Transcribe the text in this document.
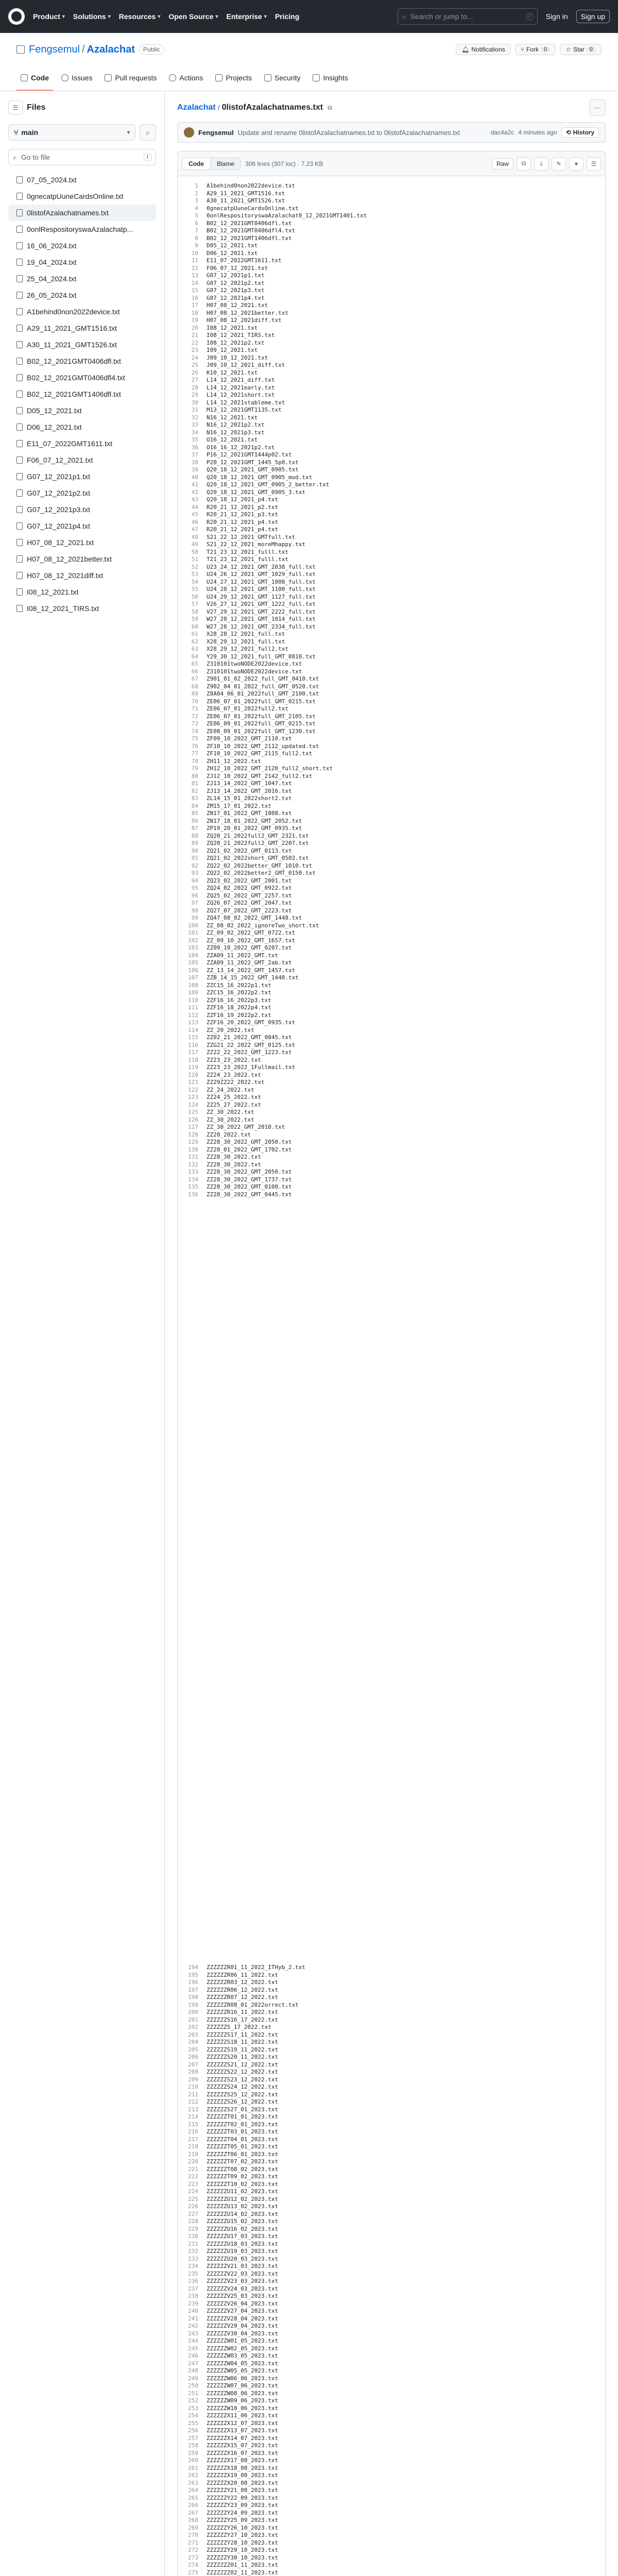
Product ▾ Solutions ▾ Resources ▾ Open Source ▾ Enterprise ▾ Pricing	⌕ Search or jump to...	/	Sign in	Sign up
Fengsemul / Azalachat	Public	🔔︎ Notifications	⑂ Fork 0	☆ Star 0
Code	Issues	Pull requests	Actions	Projects	Security	Insights
☰	Files
⑂ main	▾	⌕
⌕ Go to file	t
07_05_2024.txt
0gnecatpUuneCardsOnline.txt
0listofAzalachatnames.txt
0onlRespositoryswaAzalachatp...
16_06_2024.txt
19_04_2024.txt
25_04_2024.txt
26_05_2024.txt
A1behind0non2022device.txt
A29_11_2021_GMT1516.txt
A30_11_2021_GMT1526.txt
B02_12_2021GMT0406dfl.txt
B02_12_2021GMT0406dfl4.txt
B02_12_2021GMT1406dfl.txt
D05_12_2021.txt
D06_12_2021.txt
E11_07_2022GMT1611.txt
F06_07_12_2021.txt
G07_12_2021p1.txt
G07_12_2021p2.txt
G07_12_2021p3.txt
G07_12_2021p4.txt
H07_08_12_2021.txt
H07_08_12_2021better.txt
H07_08_12_2021diff.txt
I08_12_2021.txt
I08_12_2021_TIRS.txt
Azalachat / 0listofAzalachatnames.txt ⧉	⋯
Fengsemul Update and rename 0listofAzalachatnames.txt to 0listofAzalachatnames.txt	dac4a2c 4 minutes ago ⟲ History
Code	Blame	306 lines (307 loc) · 7.23 KB	Raw	⧉	⤓	✎	▾	☰
1	A1behind0non2022device.txt
2	A29_11_2021_GMT1516.txt
3	A30_11_2021_GMT1526.txt
4	0gnecatpUuneCardsOnline.txt
5	0onlRespositoryswaAzalachat0_12_2021GMT1401.txt
6	B02_12_2021GMT0406dfl.txt
7	B02_12_2021GMT0406dfl4.txt
8	B02_12_2021GMT1406dfl.txt
9	D05_12_2021.txt
10	D06_12_2021.txt
11	E11_07_2022GMT1611.txt
12	F06_07_12_2021.txt
13	G07_12_2021p1.txt
14	G07_12_2021p2.txt
15	G07_12_2021p3.txt
16	G07_12_2021p4.txt
17	H07_08_12_2021.txt
18	H07_08_12_2021better.txt
19	H07_08_12_2021diff.txt
20	I08_12_2021.txt
21	I08_12_2021_TIRS.txt
22	I08_12_2021p2.txt
23	I09_12_2021.txt
24	J09_10_12_2021.txt
25	J09_10_12_2021_diff.txt
26	K10_12_2021.txt
27	L14_12_2021_diff.txt
28	L14_12_2021early.txt
29	L14_12_2021short.txt
30	L14_12_2021stableme.txt
31	M13_12_2021GMT1135.txt
32	N16_12_2021.txt
33	N16_12_2021p2.txt
34	N16_12_2021p3.txt
35	O16_12_2021.txt
36	O16_16_12_2021p2.txt
37	P16_12_2021GMT1444p02.txt
38	P20_12_2021GMT_1445_5p0.txt
39	Q20_18_12_2021_GMT_0905.txt
40	Q20_18_12_2021_GMT_0905_mod.txt
41	Q20_18_12_2021_GMT_0905_2_better.txt
42	Q20_18_12_2021_GMT_0905_3.txt
43	Q20_18_12_2021_p4.txt
44	R20_21_12_2021_p2.txt
45	R20_21_12_2021_p3.txt
46	R20_21_12_2021_p4.txt
47	R20_21_12_2021_p4.txt
48	S21_22_12_2021_GMTfull.txt
49	S21_22_12_2021_moreMhappy.txt
50	T21_23_12_2021_fulll.txt
51	T21_23_12_2021_fulll.txt
52	U23_24_12_2021_GMT_2038_full.txt
53	U24_26_12_2021_GMT_1029_full.txt
54	U24_27_12_2021_GMT_1008_full.txt
55	U24_28_12_2021_GMT_1100_full.txt
56	U24_29_12_2021_GMT_1127_full.txt
57	V26_27_12_2021_GMT_1222_full.txt
58	V27_29_12_2021_GMT_2222_full.txt
59	W27_28_12_2021_GMT_1014_full.txt
60	W27_28_12_2021_GMT_2334_full.txt
61	X28_28_12_2021_full.txt
62	X28_29_12_2021_full.txt
63	X28_29_12_2021_full2.txt
64	Y29_30_12_2021_full_GMT_0810.txt
65	Z310101twoNODE2022device.txt
66	Z310101twoNODE2022device.txt
67	Z901_01_02_2022_full_GMT_0410.txt
68	Z902_04_01_2022_full_GMT_0520.txt
69	Z8A04_06_01_2022full_GMT_2100.txt
70	ZE06_07_01_2022full_GMT_0215.txt
71	ZE06_07_01_2022full2.txt
72	ZE06_07_01_2022full_GMT_2105.txt
73	ZE06_09_01_2022full_GMT_0215.txt
74	ZE08_09_01_2022full_GMT_1230.txt
75	ZF09_10_2022_GMT_2110.txt
76	ZF10_10_2022_GMT_2112_updated.txt
77	ZF10_10_2022_GMT_2115_full2.txt
78	ZH11_12_2022.txt
79	ZH12_10_2022_GMT_2120_full2_short.txt
80	ZJ12_10_2022_GMT_2142_full2.txt
81	ZJ13_14_2022_GMT_1047.txt
82	ZJ13_14_2022_GMT_2016.txt
83	ZL14_15_01_2022short2.txt
84	ZM15_17_01_2022.txt
85	ZN17_01_2022_GMT_1808.txt
86	ZN17_18_01_2022_GMT_2052.txt
87	ZP19_20_01_2022_GMT_0935.txt
88	ZQ20_21_2022full2_GMT_2321.txt
89	ZQ20_21_2022full2_GMT_2207.txt
90	ZQ21_02_2022_GMT_0113.txt
91	ZQ21_02_2022short_GMT_0502.txt
92	ZQ22_02_2022better_GMT_1010.txt
93	ZQ22_02_2022better2_GMT_0150.txt
94	ZQ23_02_2022_GMT_2001.txt
95	ZQ24_02_2022_GMT_0922.txt
96	ZQ25_02_2022_GMT_2257.txt
97	ZQ26_07_2022_GMT_2047.txt
98	ZQ27_07_2022_GMT_2223.txt
99	ZQ47_08_02_2022_GMT_1448.txt
100	ZZ_08_02_2022_ignoreTwo_short.txt
101	ZZ_09_02_2022_GMT_0722.txt
102	ZZ_09_10_2022_GMT_1657.txt
103	ZZ09_10_2022_GMT_0207.txt
104	ZZA09_11_2022_GMT.txt
105	ZZA09_11_2022_GMT_2ab.txt
106	ZZ_13_14_2022_GMT_1457.txt
107	ZZB_14_15_2022_GMT_1440.txt
108	ZZC15_16_2022p1.txt
109	ZZC15_16_2022p2.txt
110	ZZF16_16_2022p3.txt
111	ZZF16_18_2022p4.txt
112	ZZF16_19_2022p2.txt
113	ZZF16_20_2022_GMT_0935.txt
114	ZZ_20_2022.txt
115	ZZ02_21_2022_GMT_0845.txt
116	ZZG21_22_2022_GMT_0125.txt
117	ZZ22_22_2022_GMT_1223.txt
118	ZZ23_23_2022.txt
119	ZZ23_23_2022_1Fullmail.txt
120	ZZ24_23_2022.txt
121	ZZ29ZZ22_2022.txt
122	ZZ_24_2022.txt
123	ZZ24_25_2022.txt
124	ZZ25_27_2022.txt
125	ZZ_30_2022.txt
126	ZZ_30_2022.txt
127	ZZ_30_2022_GMT_2010.txt
128	ZZ28_2022.txt
129	ZZ28_30_2022_GMT_2050.txt
130	ZZ28_01_2022_GMT_1702.txt
131	ZZ28_30_2022.txt
132	ZZ28_30_2022.txt
133	ZZ28_30_2022_GMT_2050.txt
134	ZZ28_30_2022_GMT_1737.txt
135	ZZ28_30_2022_GMT_0100.txt
136	ZZ28_30_2022_GMT_0445.txt
194	ZZZZZZR01_11_2022_ITHyb_2.txt
195	ZZZZZZR06_11_2022.txt
196	ZZZZZZR03_12_2022.txt
197	ZZZZZZR06_12_2022.txt
198	ZZZZZZR07_12_2022.txt
199	ZZZZZZR08_01_2022orrect.txt
200	ZZZZZZR16_11_2022.txt
201	ZZZZZZS16_17_2022.txt
202	ZZZZZZS_17_2022.txt
203	ZZZZZZS17_11_2022.txt
204	ZZZZZZS18_11_2022.txt
205	ZZZZZZS19_11_2022.txt
206	ZZZZZZS20_11_2022.txt
207	ZZZZZZS21_12_2022.txt
208	ZZZZZZS22_12_2022.txt
209	ZZZZZZS23_12_2022.txt
210	ZZZZZZS24_12_2022.txt
211	ZZZZZZS25_12_2022.txt
212	ZZZZZZS26_12_2022.txt
213	ZZZZZZS27_01_2023.txt
214	ZZZZZZT01_01_2023.txt
215	ZZZZZZT02_01_2023.txt
216	ZZZZZZT03_01_2023.txt
217	ZZZZZZT04_01_2023.txt
218	ZZZZZZT05_01_2023.txt
219	ZZZZZZT06_01_2023.txt
220	ZZZZZZT07_02_2023.txt
221	ZZZZZZT08_02_2023.txt
222	ZZZZZZT09_02_2023.txt
223	ZZZZZZT10_02_2023.txt
224	ZZZZZZU11_02_2023.txt
225	ZZZZZZU12_02_2023.txt
226	ZZZZZZU13_02_2023.txt
227	ZZZZZZU14_02_2023.txt
228	ZZZZZZU15_02_2023.txt
229	ZZZZZZU16_02_2023.txt
230	ZZZZZZU17_03_2023.txt
231	ZZZZZZU18_03_2023.txt
232	ZZZZZZU19_03_2023.txt
233	ZZZZZZU20_03_2023.txt
234	ZZZZZZV21_03_2023.txt
235	ZZZZZZV22_03_2023.txt
236	ZZZZZZV23_03_2023.txt
237	ZZZZZZV24_03_2023.txt
238	ZZZZZZV25_03_2023.txt
239	ZZZZZZV26_04_2023.txt
240	ZZZZZZV27_04_2023.txt
241	ZZZZZZV28_04_2023.txt
242	ZZZZZZV29_04_2023.txt
243	ZZZZZZV30_04_2023.txt
244	ZZZZZZW01_05_2023.txt
245	ZZZZZZW02_05_2023.txt
246	ZZZZZZW03_05_2023.txt
247	ZZZZZZW04_05_2023.txt
248	ZZZZZZW05_05_2023.txt
249	ZZZZZZW06_06_2023.txt
250	ZZZZZZW07_06_2023.txt
251	ZZZZZZW08_06_2023.txt
252	ZZZZZZW09_06_2023.txt
253	ZZZZZZW10_06_2023.txt
254	ZZZZZZX11_06_2023.txt
255	ZZZZZZX12_07_2023.txt
256	ZZZZZZX13_07_2023.txt
257	ZZZZZZX14_07_2023.txt
258	ZZZZZZX15_07_2023.txt
259	ZZZZZZX16_07_2023.txt
260	ZZZZZZX17_08_2023.txt
261	ZZZZZZX18_08_2023.txt
262	ZZZZZZX19_08_2023.txt
263	ZZZZZZX20_08_2023.txt
264	ZZZZZZY21_08_2023.txt
265	ZZZZZZY22_09_2023.txt
266	ZZZZZZY23_09_2023.txt
267	ZZZZZZY24_09_2023.txt
268	ZZZZZZY25_09_2023.txt
269	ZZZZZZY26_10_2023.txt
270	ZZZZZZY27_10_2023.txt
271	ZZZZZZY28_10_2023.txt
272	ZZZZZZY29_10_2023.txt
273	ZZZZZZY30_10_2023.txt
274	ZZZZZZZ01_11_2023.txt
275	ZZZZZZZ02_11_2023.txt
